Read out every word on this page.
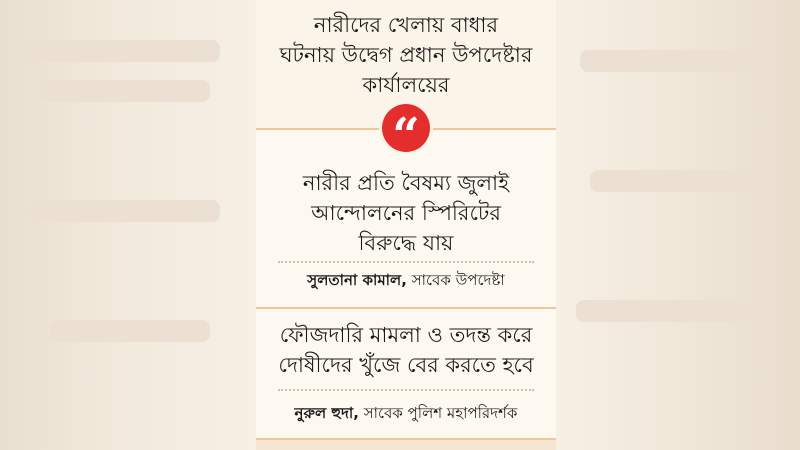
নারীদের খেলায় বাধার
ঘটনায় উদ্বেগ প্রধান উপদেষ্টার
কার্যালয়ের
“
নারীর প্রতি বৈষম্য জুলাই
আন্দোলনের স্পিরিটের
বিরুদ্ধে যায়
সুলতানা কামাল, সাবেক উপদেষ্টা
ফৌজদারি মামলা ও তদন্ত করে
দোষীদের খুঁজে বের করতে হবে
নুরুল হুদা, সাবেক পুলিশ মহাপরিদর্শক
